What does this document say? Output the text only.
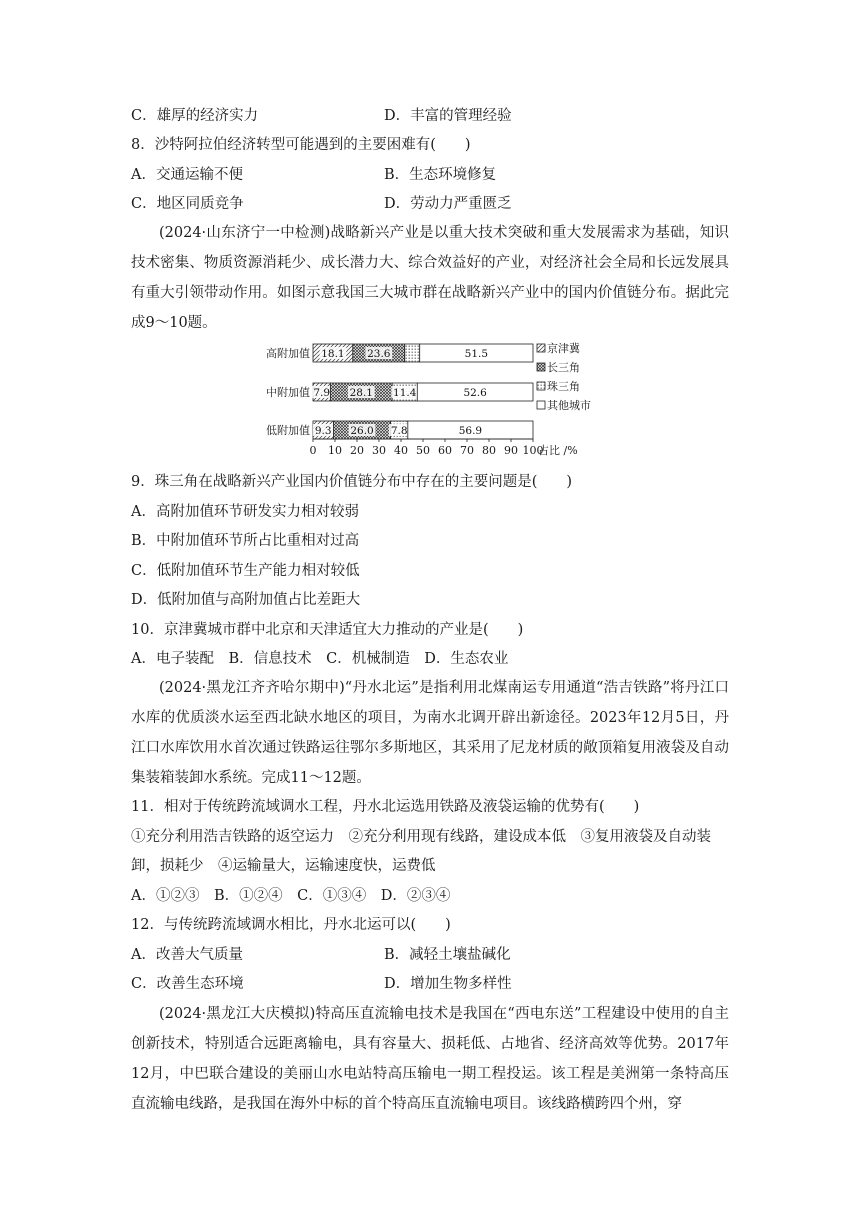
C．雄厚的经济实力	D．丰富的管理经验
8．沙特阿拉伯经济转型可能遇到的主要困难有(　　)
A．交通运输不便	B．生态环境修复
C．地区同质竞争	D．劳动力严重匮乏
(2024·山东济宁一中检测)战略新兴产业是以重大技术突破和重大发展需求为基础，知识技术密集、物质资源消耗少、成长潜力大、综合效益好的产业，对经济社会全局和长远发展具有重大引领带动作用。如图示意我国三大城市群在战略新兴产业中的国内价值链分布。据此完成9～10题。
高附加值 18.1 23.6	51.5
中附加值 7.9 28.1 11.4	52.6
低附加值 9.3 26.0 7.8	56.9
0 10 20 30 40 50 60 70 80 90 100
占比 /%
京津冀
长三角
珠三角
其他城市
9．珠三角在战略新兴产业国内价值链分布中存在的主要问题是(　　)
A．高附加值环节研发实力相对较弱
B．中附加值环节所占比重相对过高
C．低附加值环节生产能力相对较低
D．低附加值与高附加值占比差距大
10．京津冀城市群中北京和天津适宜大力推动的产业是(　　)
A．电子装配　B．信息技术　C．机械制造　D．生态农业
(2024·黑龙江齐齐哈尔期中)“丹水北运”是指利用北煤南运专用通道“浩吉铁路”将丹江口水库的优质淡水运至西北缺水地区的项目，为南水北调开辟出新途径。2023年12月5日，丹江口水库饮用水首次通过铁路运往鄂尔多斯地区，其采用了尼龙材质的敞顶箱复用液袋及自动集装箱装卸水系统。完成11～12题。
11．相对于传统跨流域调水工程，丹水北运选用铁路及液袋运输的优势有(　　)
①充分利用浩吉铁路的返空运力　②充分利用现有线路，建设成本低　③复用液袋及自动装
卸，损耗少　④运输量大，运输速度快，运费低
A．①②③　B．①②④　C．①③④　D．②③④
12．与传统跨流域调水相比，丹水北运可以(　　)
A．改善大气质量	B．减轻土壤盐碱化
C．改善生态环境	D．增加生物多样性
(2024·黑龙江大庆模拟)特高压直流输电技术是我国在“西电东送”工程建设中使用的自主创新技术，特别适合远距离输电，具有容量大、损耗低、占地省、经济高效等优势。2017年12月，中巴联合建设的美丽山水电站特高压输电一期工程投运。该工程是美洲第一条特高压直流输电线路，是我国在海外中标的首个特高压直流输电项目。该线路横跨四个州，穿
